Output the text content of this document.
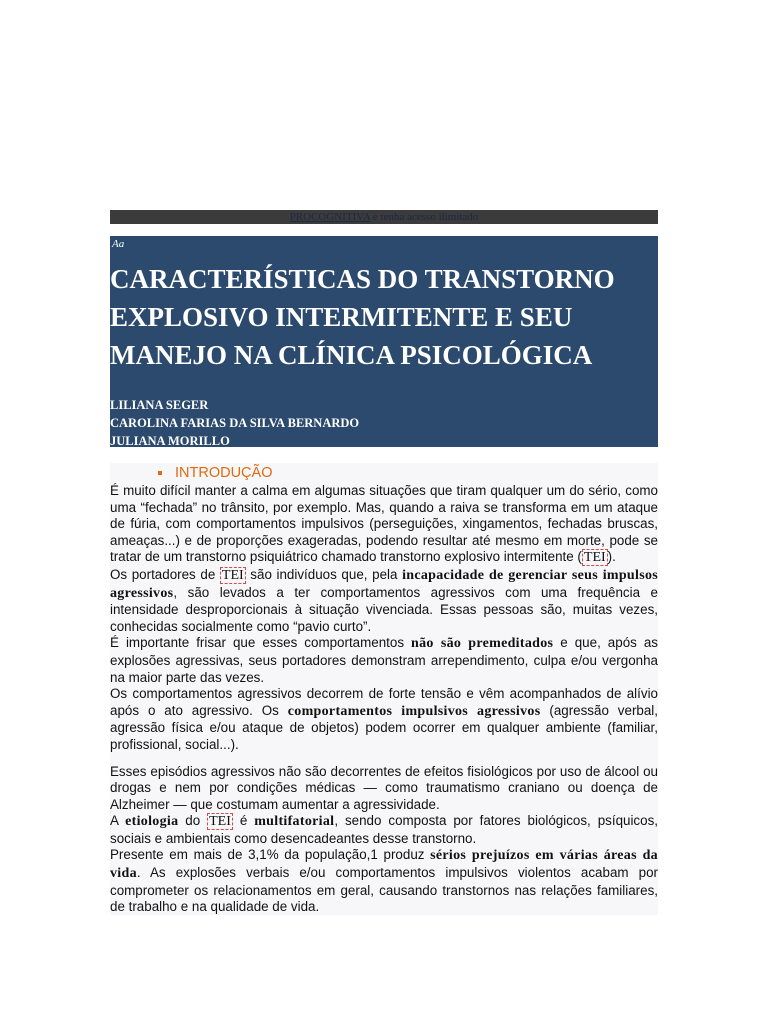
PROCOGNITIVA e tenha acesso ilimitado
Aa
CARACTERÍSTICAS DO TRANSTORNO EXPLOSIVO INTERMITENTE E SEU MANEJO NA CLÍNICA PSICOLÓGICA
LILIANA SEGER
CAROLINA FARIAS DA SILVA BERNARDO
JULIANA MORILLO
INTRODUÇÃO

É muito difícil manter a calma em algumas situações que tiram qualquer um do sério, como uma “fechada” no trânsito, por exemplo. Mas, quando a raiva se transforma em um ataque de fúria, com comportamentos impulsivos (perseguições, xingamentos, fechadas bruscas, ameaças...) e de proporções exageradas, podendo resultar até mesmo em morte, pode se tratar de um transtorno psiquiátrico chamado transtorno explosivo intermitente ( TEI ).

Os portadores de TEI são indivíduos que, pela incapacidade de gerenciar seus impulsos agressivos, são levados a ter comportamentos agressivos com uma frequência e intensidade desproporcionais à situação vivenciada. Essas pessoas são, muitas vezes, conhecidas socialmente como “pavio curto”.

É importante frisar que esses comportamentos não são premeditados e que, após as explosões agressivas, seus portadores demonstram arrependimento, culpa e/ou vergonha na maior parte das vezes.

Os comportamentos agressivos decorrem de forte tensão e vêm acompanhados de alívio após o ato agressivo. Os comportamentos impulsivos agressivos (agressão verbal, agressão física e/ou ataque de objetos) podem ocorrer em qualquer ambiente (familiar, profissional, social...).

Esses episódios agressivos não são decorrentes de efeitos fisiológicos por uso de álcool ou drogas e nem por condições médicas — como traumatismo craniano ou doença de Alzheimer — que costumam aumentar a agressividade.

A etiologia do TEI é multifatorial, sendo composta por fatores biológicos, psíquicos, sociais e ambientais como desencadeantes desse transtorno.

Presente em mais de 3,1% da população,1 produz sérios prejuízos em várias áreas da vida. As explosões verbais e/ou comportamentos impulsivos violentos acabam por comprometer os relacionamentos em geral, causando transtornos nas relações familiares, de trabalho e na qualidade de vida.
